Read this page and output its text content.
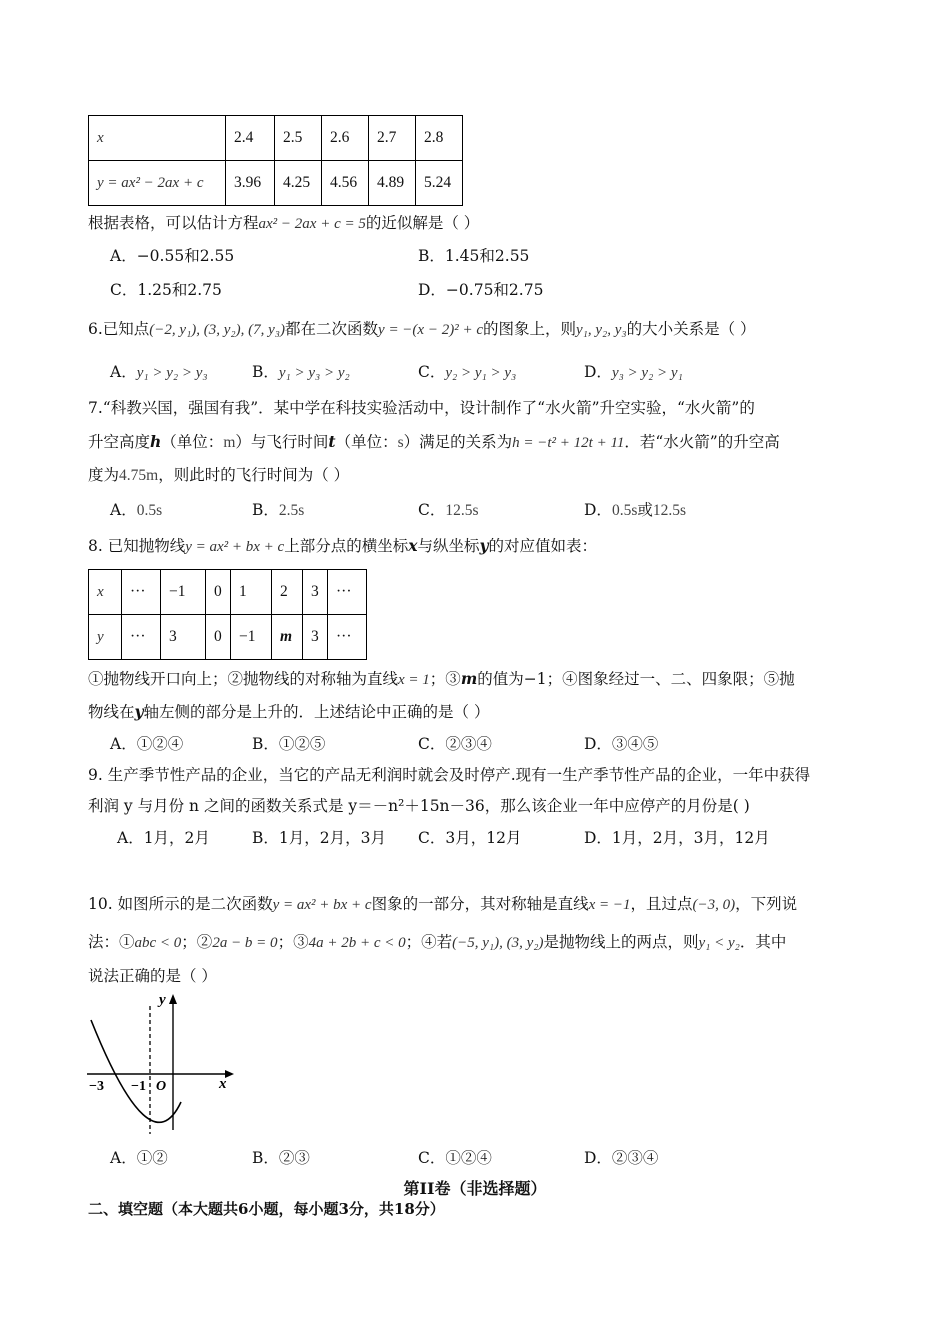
x	2.4	2.5	2.6	2.7	2.8
y = ax² − 2ax + c	3.96	4.25	4.56	4.89	5.24
根据表格，可以估计方程ax² − 2ax + c = 5的近似解是（ ）
A．−0.55和2.55	B．1.45和2.55
C．1.25和2.75	D．−0.75和2.75
6.已知点(−2, y₁), (3, y₂), (7, y₃)都在二次函数y = −(x − 2)² + c的图象上，则y₁, y₂, y₃的大小关系是（ ）
A．y₁ > y₂ > y₃	B．y₁ > y₃ > y₂	C．y₂ > y₁ > y₃	D．y₃ > y₂ > y₁
7.“科教兴国，强国有我”．某中学在科技实验活动中，设计制作了“水火箭”升空实验，“水火箭”的
升空高度h（单位：m）与飞行时间t（单位：s）满足的关系为h = −t² + 12t + 11．若“水火箭”的升空高
度为4.75m，则此时的飞行时间为（ ）
A．0.5s	B．2.5s	C．12.5s	D．0.5s或12.5s
8. 已知抛物线y = ax² + bx + c上部分点的横坐标x与纵坐标y的对应值如表：
x	···	−1	0	1	2	3	···
y	···	3	0	−1	m	3	···
①抛物线开口向上；②抛物线的对称轴为直线x = 1；③m的值为−1；④图象经过一、二、四象限；⑤抛
物线在y轴左侧的部分是上升的．上述结论中正确的是（ ）
A．①②④	B．①②⑤	C．②③④	D．③④⑤
9. 生产季节性产品的企业，当它的产品无利润时就会及时停产.现有一生产季节性产品的企业，一年中获得
利润 y 与月份 n 之间的函数关系式是 y＝－n²＋15n－36，那么该企业一年中应停产的月份是( )
A．1月，2月	B．1月，2月，3月 C．3月，12月	D．1月，2月，3月，12月
10. 如图所示的是二次函数y = ax² + bx + c图象的一部分，其对称轴是直线x = −1，且过点(−3, 0)，下列说
法：①abc < 0；②2a − b = 0；③4a + 2b + c < 0；④若(−5, y₁), (3, y₂)是抛物线上的两点，则y₁ < y₂．其中
说法正确的是（ ）
y
x
O
−3 −1
A．①②	B．②③	C．①②④	D．②③④
第II卷（非选择题）
二、填空题（本大题共6小题，每小题3分，共18分）
